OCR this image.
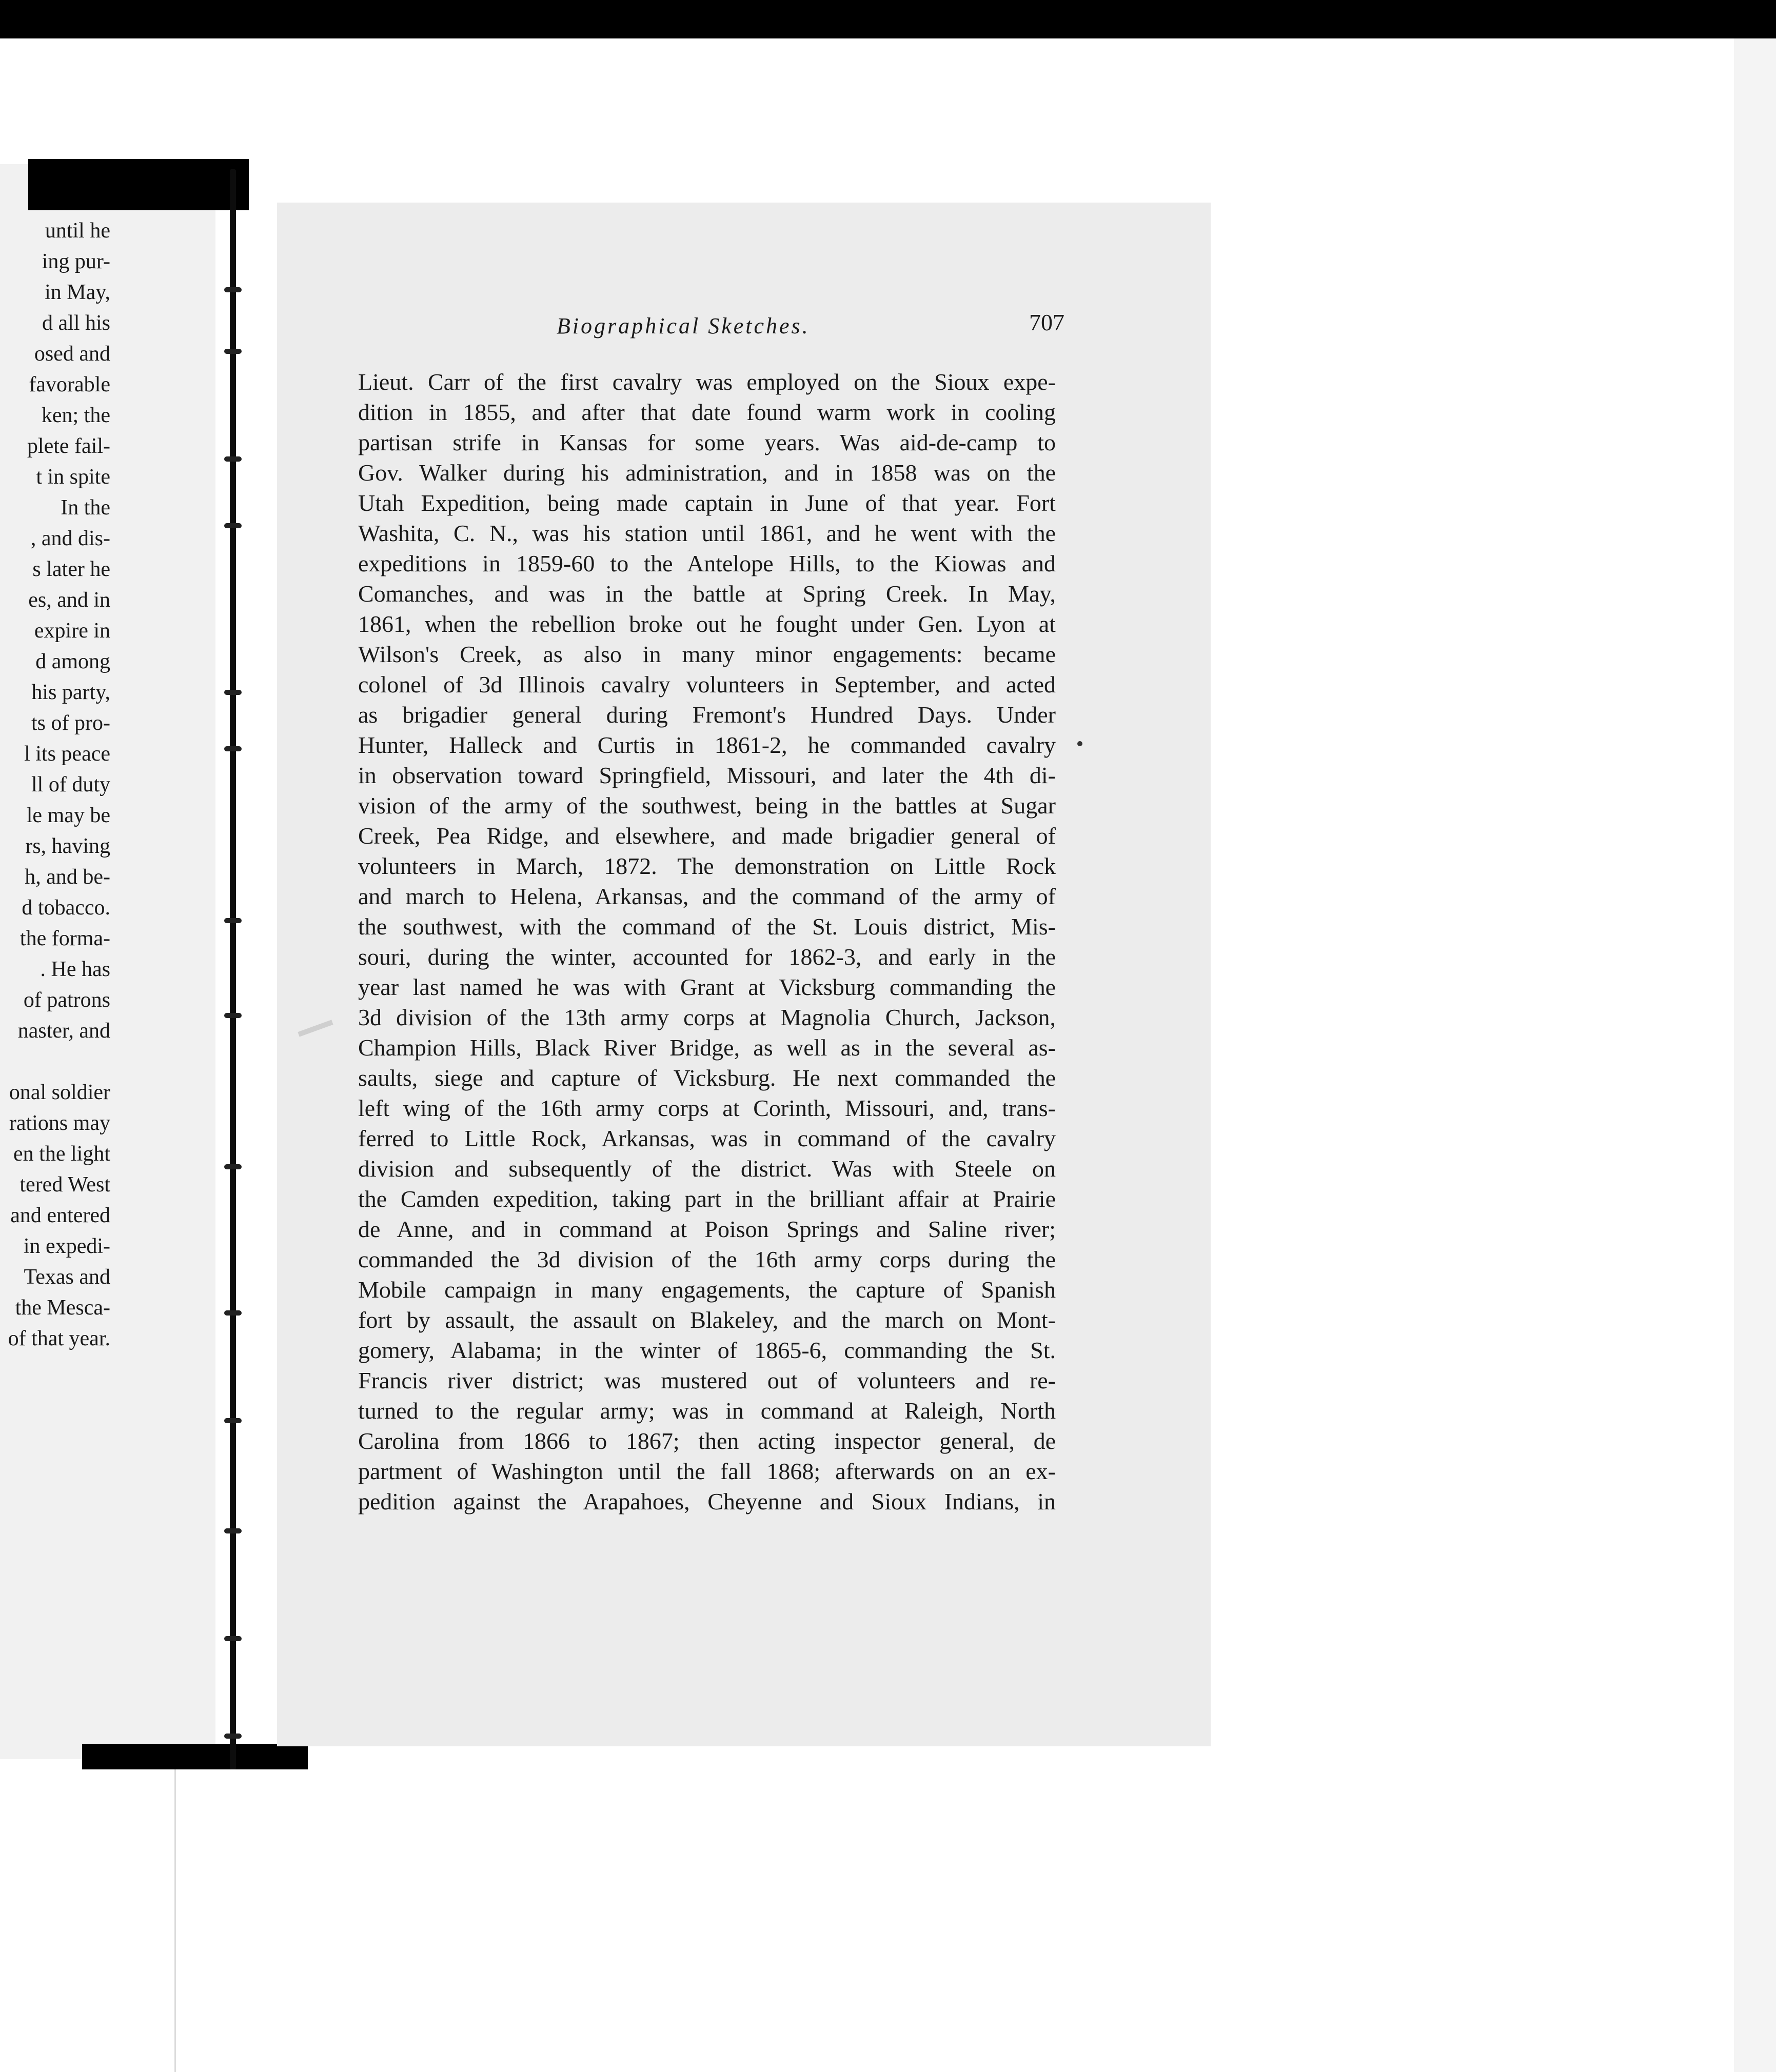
until he
ing pur-
in May,
d all his
osed and
favorable
ken; the
plete fail-
t in spite
In the
, and dis-
s later he
es, and in
expire in
d among
his party,
ts of pro-
l its peace
ll of duty
le may be
rs, having
h, and be-
d tobacco.
the forma-
. He has
of patrons
naster, and
onal soldier
rations may
en the light
tered West
and entered
in expedi-
Texas and
the Mesca-
of that year.
Biographical Sketches.	707
Lieut. Carr of the first cavalry was employed on the Sioux expe-
dition in 1855, and after that date found warm work in cooling
partisan strife in Kansas for some years. Was aid-de-camp to
Gov. Walker during his administration, and in 1858 was on the
Utah Expedition, being made captain in June of that year. Fort
Washita, C. N., was his station until 1861, and he went with the
expeditions in 1859-60 to the Antelope Hills, to the Kiowas and
Comanches, and was in the battle at Spring Creek. In May,
1861, when the rebellion broke out he fought under Gen. Lyon at
Wilson's Creek, as also in many minor engagements: became
colonel of 3d Illinois cavalry volunteers in September, and acted
as brigadier general during Fremont's Hundred Days. Under
Hunter, Halleck and Curtis in 1861-2, he commanded cavalry
in observation toward Springfield, Missouri, and later the 4th di-
vision of the army of the southwest, being in the battles at Sugar
Creek, Pea Ridge, and elsewhere, and made brigadier general of
volunteers in March, 1872. The demonstration on Little Rock
and march to Helena, Arkansas, and the command of the army of
the southwest, with the command of the St. Louis district, Mis-
souri, during the winter, accounted for 1862-3, and early in the
year last named he was with Grant at Vicksburg commanding the
3d division of the 13th army corps at Magnolia Church, Jackson,
Champion Hills, Black River Bridge, as well as in the several as-
saults, siege and capture of Vicksburg. He next commanded the
left wing of the 16th army corps at Corinth, Missouri, and, trans-
ferred to Little Rock, Arkansas, was in command of the cavalry
division and subsequently of the district. Was with Steele on
the Camden expedition, taking part in the brilliant affair at Prairie
de Anne, and in command at Poison Springs and Saline river;
commanded the 3d division of the 16th army corps during the
Mobile campaign in many engagements, the capture of Spanish
fort by assault, the assault on Blakeley, and the march on Mont-
gomery, Alabama; in the winter of 1865-6, commanding the St.
Francis river district; was mustered out of volunteers and re-
turned to the regular army; was in command at Raleigh, North
Carolina from 1866 to 1867; then acting inspector general, de
partment of Washington until the fall 1868; afterwards on an ex-
pedition against the Arapahoes, Cheyenne and Sioux Indians, in
